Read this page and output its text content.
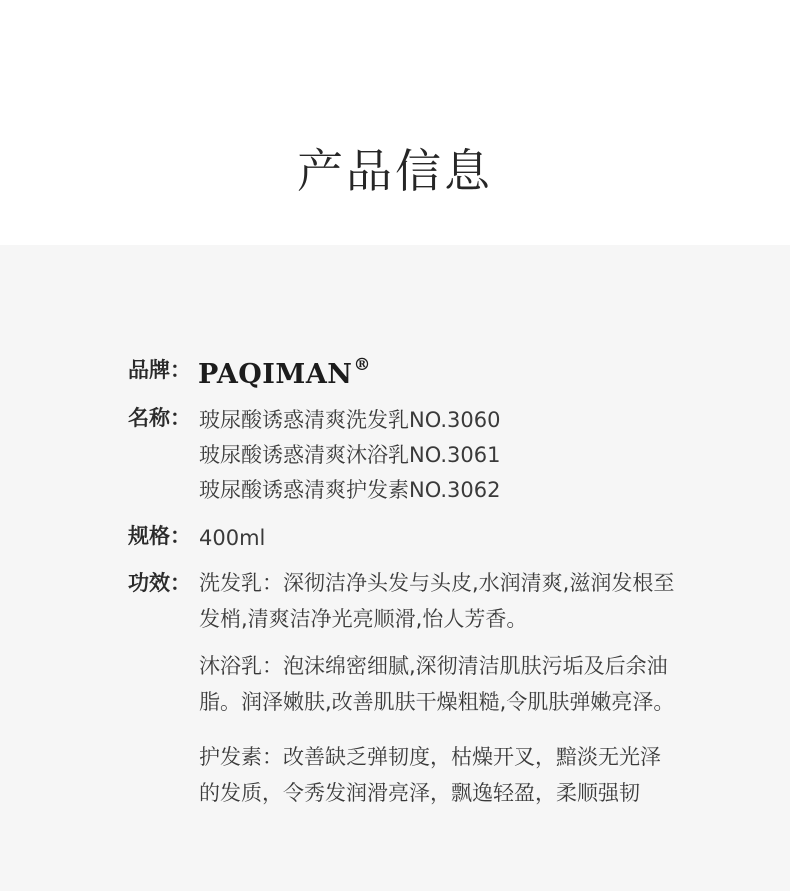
产品信息
品牌： PAQIMAN®
名称： 玻尿酸诱惑清爽洗发乳NO.3060
玻尿酸诱惑清爽沐浴乳NO.3061
玻尿酸诱惑清爽护发素NO.3062
规格： 400ml
功效： 洗发乳：深彻洁净头发与头皮,水润清爽,滋润发根至
发梢,清爽洁净光亮顺滑,怡人芳香。
沐浴乳：泡沫绵密细腻,深彻清洁肌肤污垢及后余油
脂。润泽嫩肤,改善肌肤干燥粗糙,令肌肤弹嫩亮泽。
护发素：改善缺乏弹韧度，枯燥开叉，黯淡无光泽
的发质，令秀发润滑亮泽，飘逸轻盈，柔顺强韧
